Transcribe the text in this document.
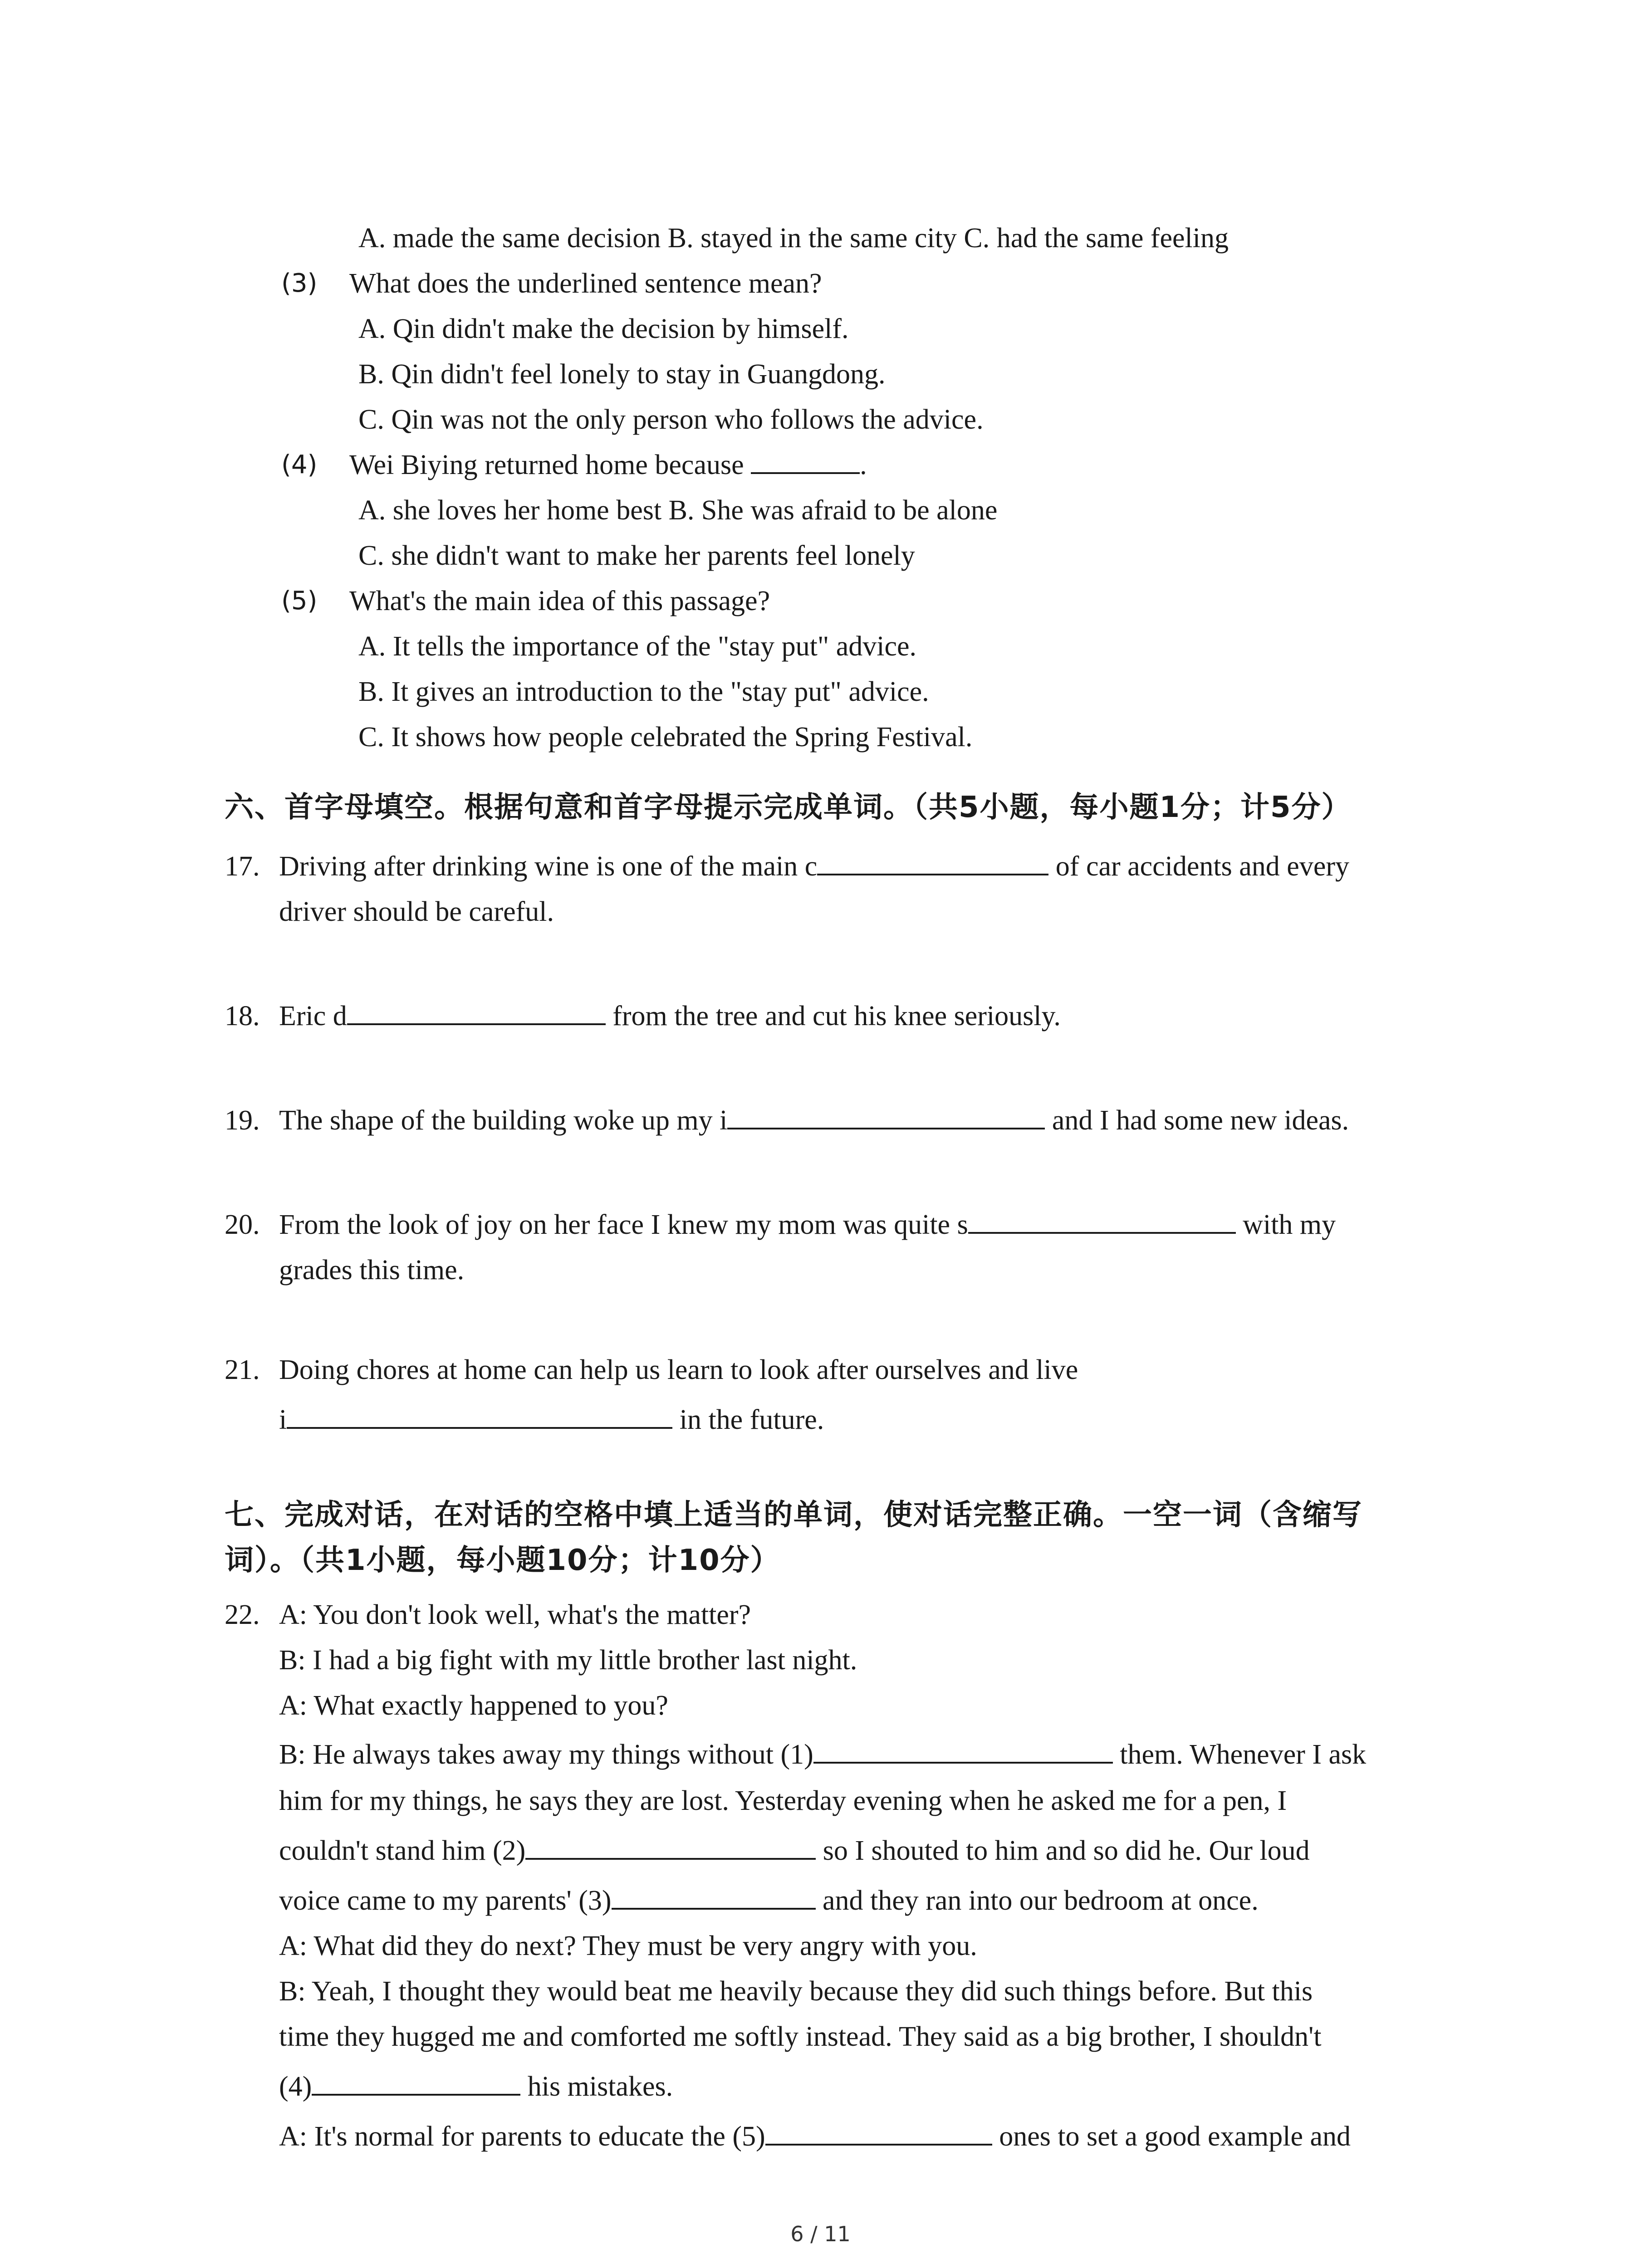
A. made the same decision B. stayed in the same city C. had the same feeling
(3) What does the underlined sentence mean?
A. Qin didn't make the decision by himself.
B. Qin didn't feel lonely to stay in Guangdong.
C. Qin was not the only person who follows the advice.
(4) Wei Biying returned home because	.
A. she loves her home best B. She was afraid to be alone
C. she didn't want to make her parents feel lonely
(5) What's the main idea of this passage?
A. It tells the importance of the "stay put" advice.
B. It gives an introduction to the "stay put" advice.
C. It shows how people celebrated the Spring Festival.
六、首字母填空。根据句意和首字母提示完成单词。（共5小题，每小题1分；计5分）
17. Driving after drinking wine is one of the main c	of car accidents and every
driver should be careful.
18. Eric d	from the tree and cut his knee seriously.
19. The shape of the building woke up my i	and I had some new ideas.
20. From the look of joy on her face I knew my mom was quite s	with my
grades this time.
21. Doing chores at home can help us learn to look after ourselves and live
i	in the future.
七、完成对话，在对话的空格中填上适当的单词，使对话完整正确。一空一词（含缩写
词）。（共1小题，每小题10分；计10分）
22. A: You don't look well, what's the matter?
B: I had a big fight with my little brother last night.
A: What exactly happened to you?
B: He always takes away my things without (1)	them. Whenever I ask
him for my things, he says they are lost. Yesterday evening when he asked me for a pen, I
couldn't stand him (2)	so I shouted to him and so did he. Our loud
voice came to my parents' (3)	and they ran into our bedroom at once.
A: What did they do next? They must be very angry with you.
B: Yeah, I thought they would beat me heavily because they did such things before. But this
time they hugged me and comforted me softly instead. They said as a big brother, I shouldn't
(4)	his mistakes.
A: It's normal for parents to educate the (5)	ones to set a good example and
6 / 11
